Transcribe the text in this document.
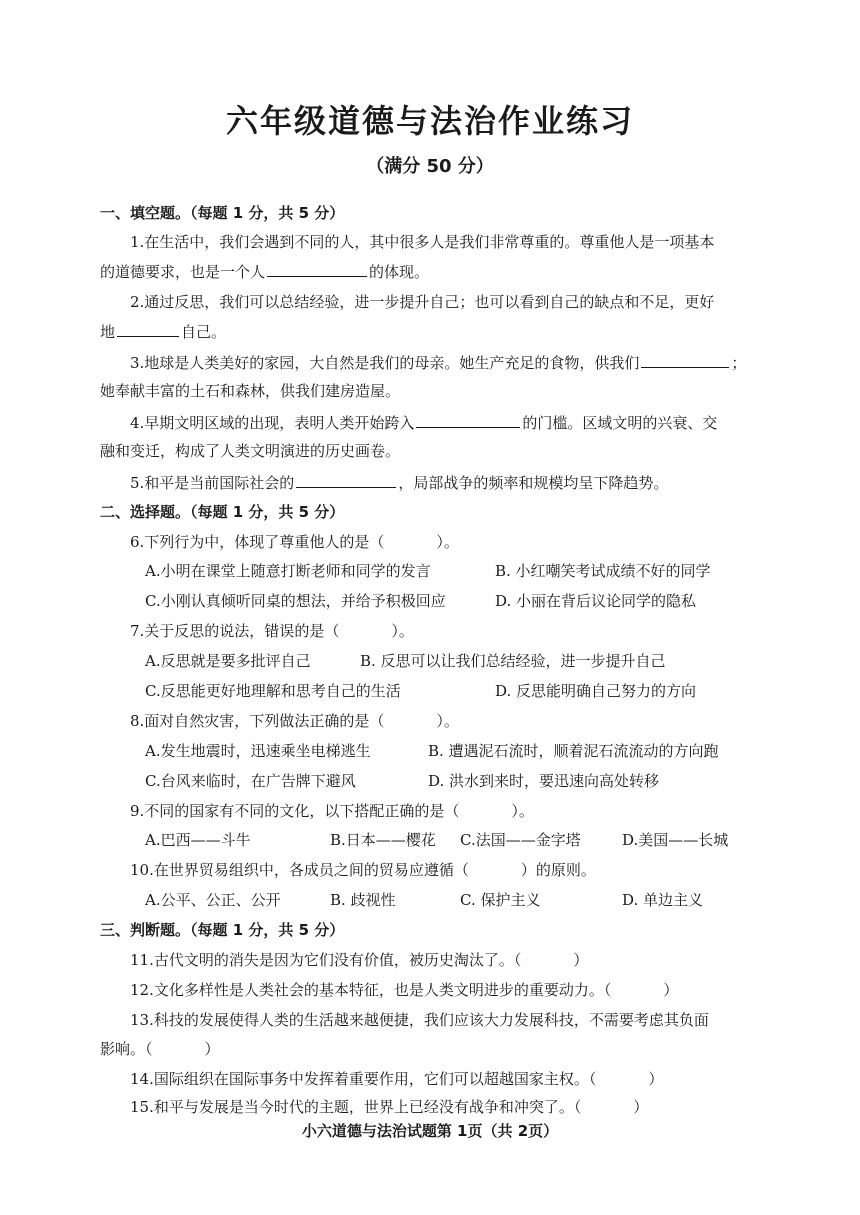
六年级道德与法治作业练习
（满分 50 分）
一、填空题。（每题 1 分，共 5 分）
1.在生活中，我们会遇到不同的人，其中很多人是我们非常尊重的。尊重他人是一项基本
的道德要求，也是一个人	的体现。
2.通过反思，我们可以总结经验，进一步提升自己；也可以看到自己的缺点和不足，更好
地	自己。
3.地球是人类美好的家园，大自然是我们的母亲。她生产充足的食物，供我们	；
她奉献丰富的土石和森林，供我们建房造屋。
4.早期文明区域的出现，表明人类开始跨入	的门槛。区域文明的兴衰、交
融和变迁，构成了人类文明演进的历史画卷。
5.和平是当前国际社会的	，局部战争的频率和规模均呈下降趋势。
二、选择题。（每题 1 分，共 5 分）
6.下列行为中，体现了尊重他人的是（	）。
A.小明在课堂上随意打断老师和同学的发言	B. 小红嘲笑考试成绩不好的同学
C.小刚认真倾听同桌的想法，并给予积极回应	D. 小丽在背后议论同学的隐私
7.关于反思的说法，错误的是（	）。
A.反思就是要多批评自己	B. 反思可以让我们总结经验，进一步提升自己
C.反思能更好地理解和思考自己的生活	D. 反思能明确自己努力的方向
8.面对自然灾害，下列做法正确的是（	）。
A.发生地震时，迅速乘坐电梯逃生	B. 遭遇泥石流时，顺着泥石流流动的方向跑
C.台风来临时，在广告牌下避风	D. 洪水到来时，要迅速向高处转移
9.不同的国家有不同的文化，以下搭配正确的是（	）。
A.巴西——斗牛	B.日本——樱花 C.法国——金字塔	D.美国——长城
10.在世界贸易组织中，各成员之间的贸易应遵循（	）的原则。
A.公平、公正、公开	B. 歧视性	C. 保护主义	D. 单边主义
三、判断题。（每题 1 分，共 5 分）
11.古代文明的消失是因为它们没有价值，被历史淘汰了。（	）
12.文化多样性是人类社会的基本特征，也是人类文明进步的重要动力。（	）
13.科技的发展使得人类的生活越来越便捷，我们应该大力发展科技，不需要考虑其负面
影响。（	）
14.国际组织在国际事务中发挥着重要作用，它们可以超越国家主权。（	）
15.和平与发展是当今时代的主题，世界上已经没有战争和冲突了。（	）
小六道德与法治试题第 1页（共 2页）
